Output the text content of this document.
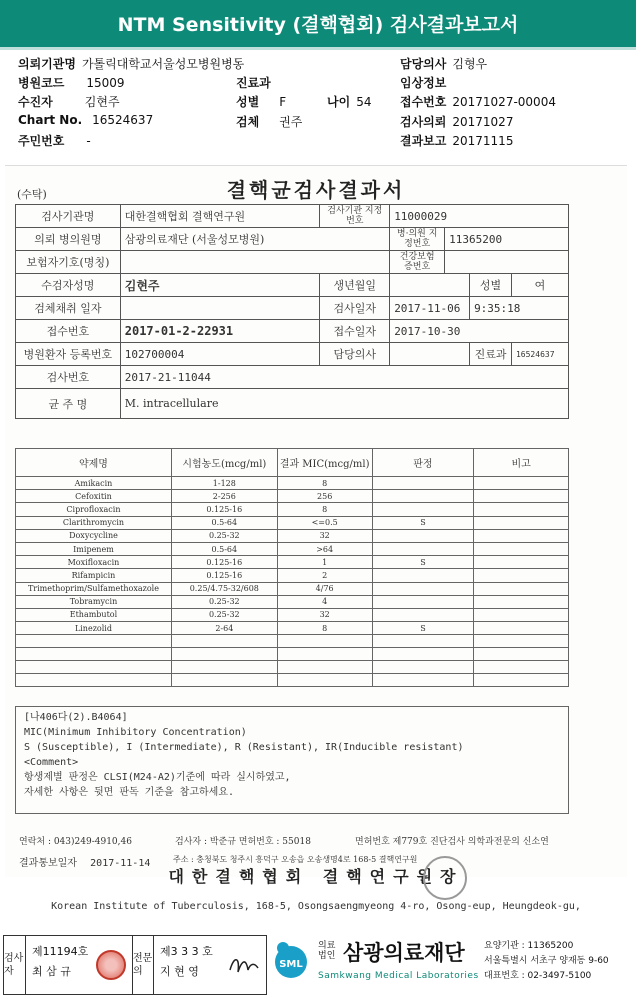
NTM Sensitivity (결핵협회) 검사결과보고서
의뢰기관명 가톨릭대학교서울성모병원병동
병원코드 15009
수진자	김현주
Chart No. 16524637
주민번호 -
진료과
성별 F	나이 54
검체 권주
담당의사 김형우
임상정보
접수번호 20171027-00004
검사의뢰 20171027
결과보고 20171115
(수탁)	결핵균검사결과서
검사기관명	대한결핵협회 결핵연구원	검사기관 지정번호	11000029			
의뢰 병의원명	삼광의료재단 (서울성모병원)		병·의원 지정번호	11365200		
보험자기호(명칭)			건강보험 증번호			
수검자성명	김현주	생년월일			성별	여
검체채취 일자		검사일자	2017-11-06		9:35:18	
접수번호	2017-01-2-22931	접수일자	2017-10-30			
병원환자 등록번호	102700004	담당의사			진료과	16524637
검사번호	2017-21-11044					
균 주 명	M. intracellulare					
약제명	시험농도(mcg/ml)	결과 MIC(mcg/ml)	판정	비고
Amikacin	1-128	8		
Cefoxitin	2-256	256		
Ciprofloxacin	0.125-16	8		
Clarithromycin	0.5-64	<=0.5	S	
Doxycycline	0.25-32	32		
Imipenem	0.5-64	>64		
Moxifloxacin	0.125-16	1	S	
Rifampicin	0.125-16	2		
Trimethoprim/Sulfamethoxazole	0.25/4.75-32/608	4/76		
Tobramycin	0.25-32	4		
Ethambutol	0.25-32	32		
Linezolid	2-64	8	S	

[나406다(2).B4064]
MIC(Minimum Inhibitory Concentration)
S (Susceptible), I (Intermediate), R (Resistant), IR(Inducible resistant)
<Comment>
항생제별 판정은 CLSI(M24-A2)기준에 따라 실시하였고,
자세한 사항은 뒷면 판독 기준을 참고하세요.
연락처 : 043)249-4910,46	검사자 : 박준규 면허번호 : 55018	면허번호 제779호 진단검사 의학과전문의 신소연
결과통보일자 2017-11-14	주소 : 충청북도 청주시 흥덕구 오송읍 오송생명4로 168-5 결핵연구원
대한결핵협회 결핵연구원장
Korean Institute of Tuberculosis, 168-5, Osongsaengmyeong 4-ro, Osong-eup, Heungdeok-gu,
검사자
제11194호
최 삼 규
전문의
제3 3 3 호
지 현 영
SML
의료
법인 삼광의료재단
Samkwang Medical Laboratories
요양기관 : 11365200
서울특별시 서초구 양재동 9-60
대표번호 : 02-3497-5100
